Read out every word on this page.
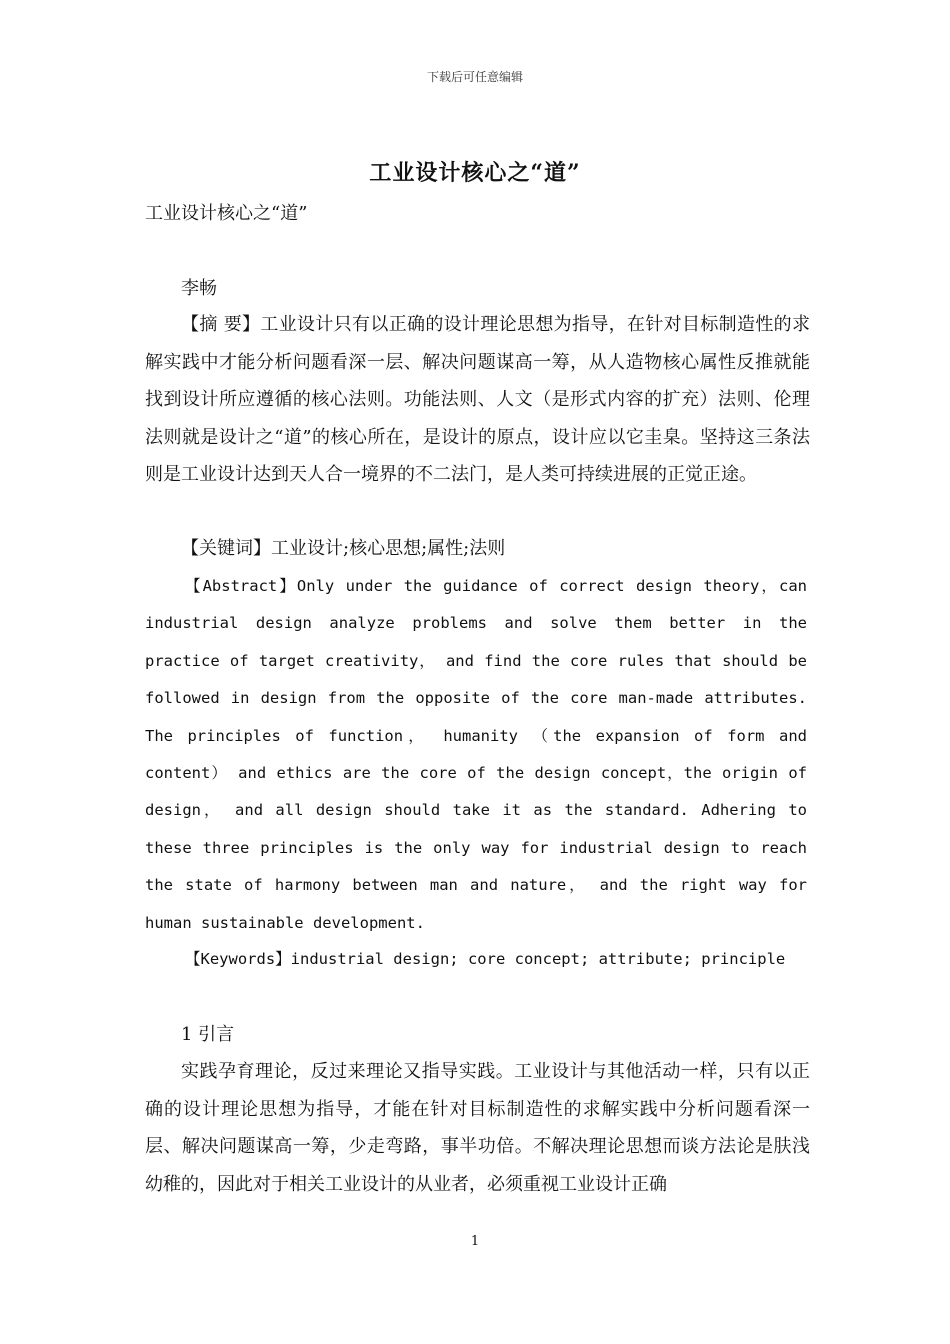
下载后可任意编辑
工业设计核心之“道”
工业设计核心之“道”
李畅
【摘 要】工业设计只有以正确的设计理论思想为指导，在针对目标制造性的求解实践中才能分析问题看深一层、解决问题谋高一筹，从人造物核心属性反推就能找到设计所应遵循的核心法则。功能法则、人文（是形式内容的扩充）法则、伦理法则就是设计之“道”的核心所在，是设计的原点，设计应以它圭臬。坚持这三条法则是工业设计达到天人合一境界的不二法门，是人类可持续进展的正觉正途。
【关键词】工业设计;核心思想;属性;法则
【Abstract】Only under the guidance of correct design theory，can industrial design analyze problems and solve them better in the practice of target creativity， and find the core rules that should be followed in design from the opposite of the core man-made attributes. The principles of function， humanity （the expansion of form and content） and ethics are the core of the design concept，the origin of design， and all design should take it as the standard. Adhering to these three principles is the only way for industrial design to reach the state of harmony between man and nature， and the right way for human sustainable development.
【Keywords】industrial design; core concept; attribute; principle
1 引言
实践孕育理论，反过来理论又指导实践。工业设计与其他活动一样，只有以正确的设计理论思想为指导，才能在针对目标制造性的求解实践中分析问题看深一层、解决问题谋高一筹，少走弯路，事半功倍。不解决理论思想而谈方法论是肤浅幼稚的，因此对于相关工业设计的从业者，必须重视工业设计正确
1
